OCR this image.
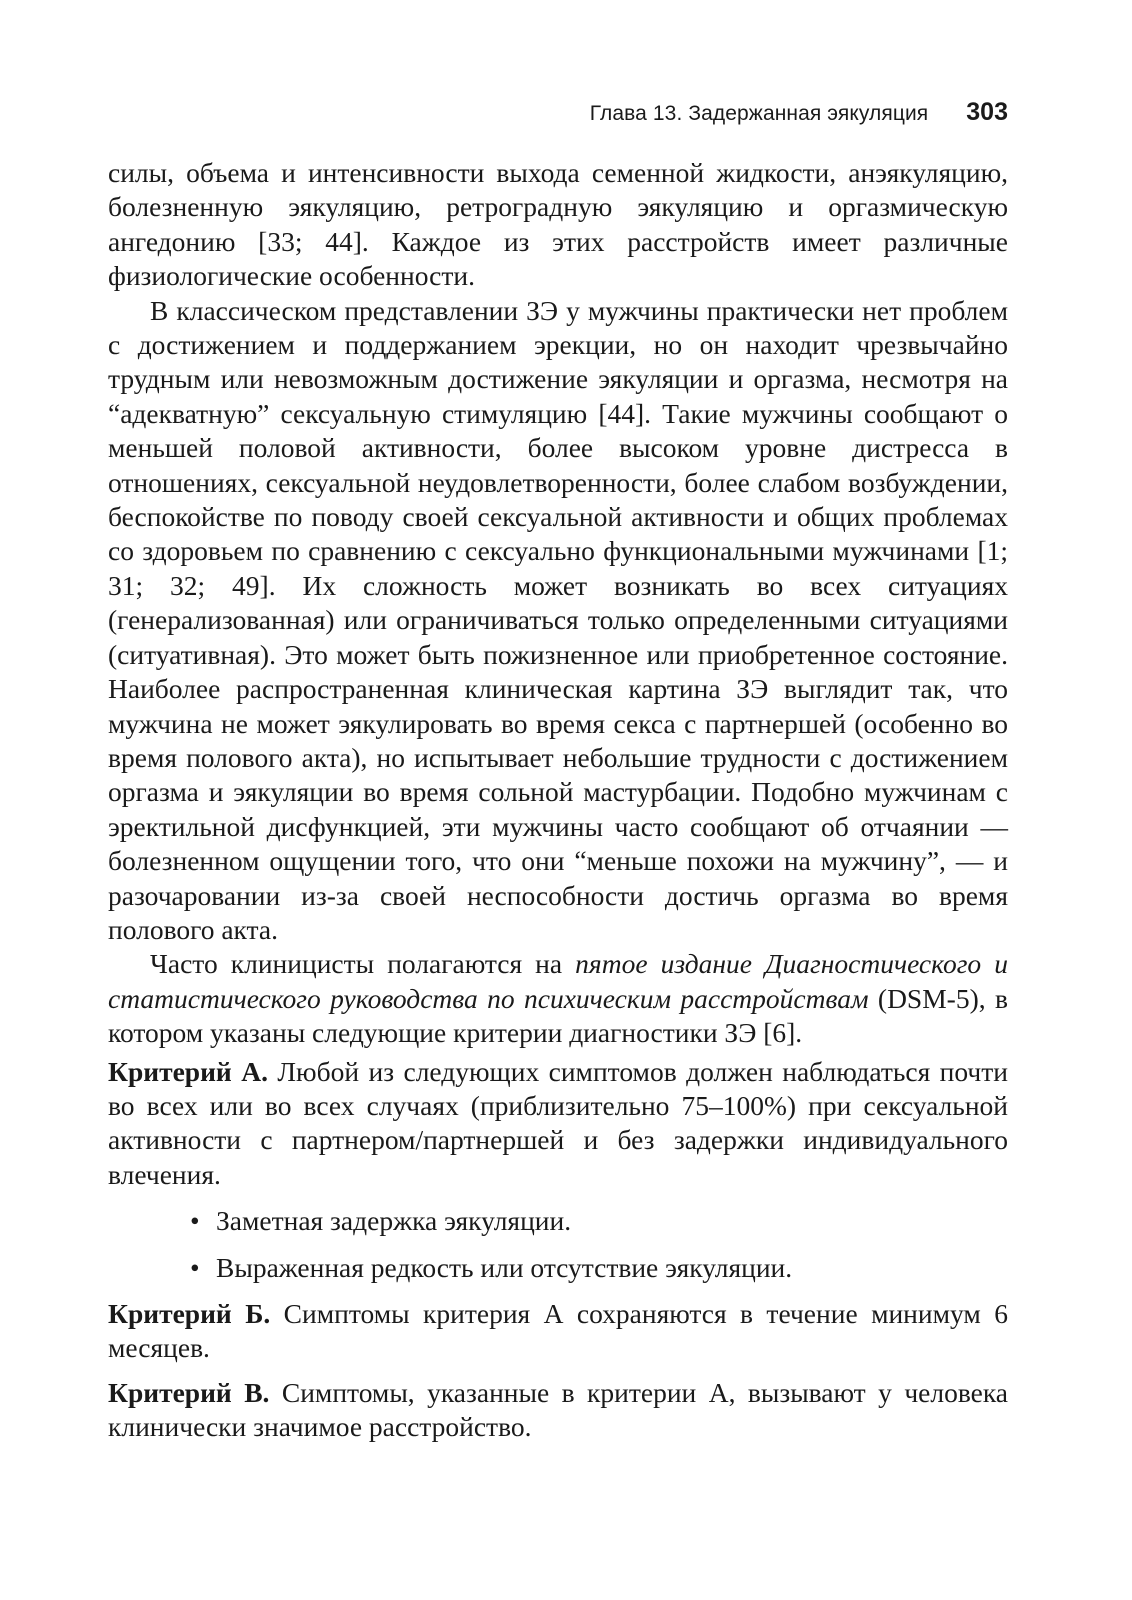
Глава 13. Задержанная эякуляция 303

силы, объема и интенсивности выхода семенной жидкости, анэякуляцию, болезненную эякуляцию, ретроградную эякуляцию и оргазмическую ангедонию [33; 44]. Каждое из этих расстройств имеет различные физиологические особенности.

В классическом представлении ЗЭ у мужчины практически нет проблем с достижением и поддержанием эрекции, но он находит чрезвычайно трудным или невозможным достижение эякуляции и оргазма, несмотря на “адекватную” сексуальную стимуляцию [44]. Такие мужчины сообщают о меньшей половой активности, более высоком уровне дистресса в отношениях, сексуальной неудовлетворенности, более слабом возбуждении, беспокойстве по поводу своей сексуальной активности и общих проблемах со здоровьем по сравнению с сексуально функциональными мужчинами [1; 31; 32; 49]. Их сложность может возникать во всех ситуациях (генерализованная) или ограничиваться только определенными ситуациями (ситуативная). Это может быть пожизненное или приобретенное состояние. Наиболее распространенная клиническая картина ЗЭ выглядит так, что мужчина не может эякулировать во время секса с партнершей (особенно во время полового акта), но испытывает небольшие трудности с достижением оргазма и эякуляции во время сольной мастурбации. Подобно мужчинам с эректильной дисфункцией, эти мужчины часто сообщают об отчаянии — болезненном ощущении того, что они “меньше похожи на мужчину”, — и разочаровании из-за своей неспособности достичь оргазма во время полового акта.

Часто клиницисты полагаются на пятое издание Диагностического и статистического руководства по психическим расстройствам (DSM-5), в котором указаны следующие критерии диагностики ЗЭ [6].

Критерий А. Любой из следующих симптомов должен наблюдаться почти во всех или во всех случаях (приблизительно 75–100%) при сексуальной активности с партнером/партнершей и без задержки индивидуального влечения.

• Заметная задержка эякуляции.
• Выраженная редкость или отсутствие эякуляции.

Критерий Б. Симптомы критерия А сохраняются в течение минимум 6 месяцев.

Критерий В. Симптомы, указанные в критерии А, вызывают у человека клинически значимое расстройство.
